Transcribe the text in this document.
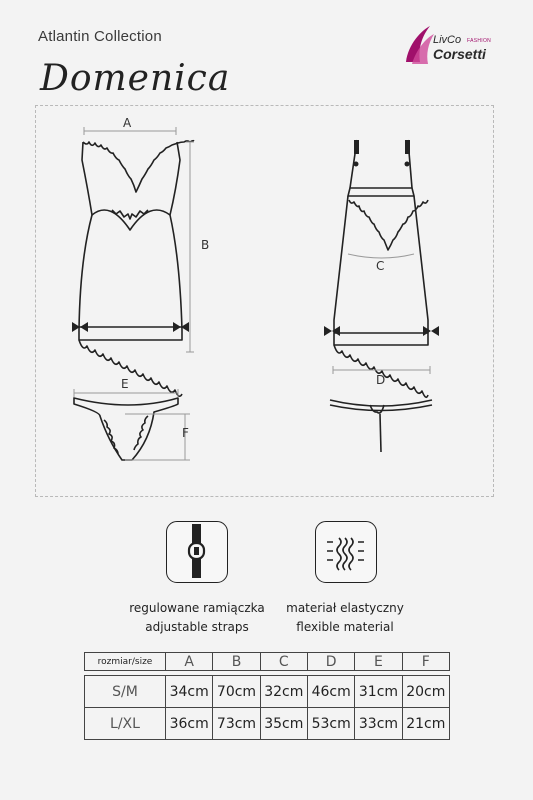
Atlantin Collection
Domenica
LivCo FASHION
Corsetti
A
B
C
D
E
F
regulowane ramiączka
adjustable straps
materiał elastyczny
flexible material
rozmiar/size	A	B	C	D	E	F

S/M	34cm	70cm	32cm	46cm	31cm	20cm
L/XL	36cm	73cm	35cm	53cm	33cm	21cm
